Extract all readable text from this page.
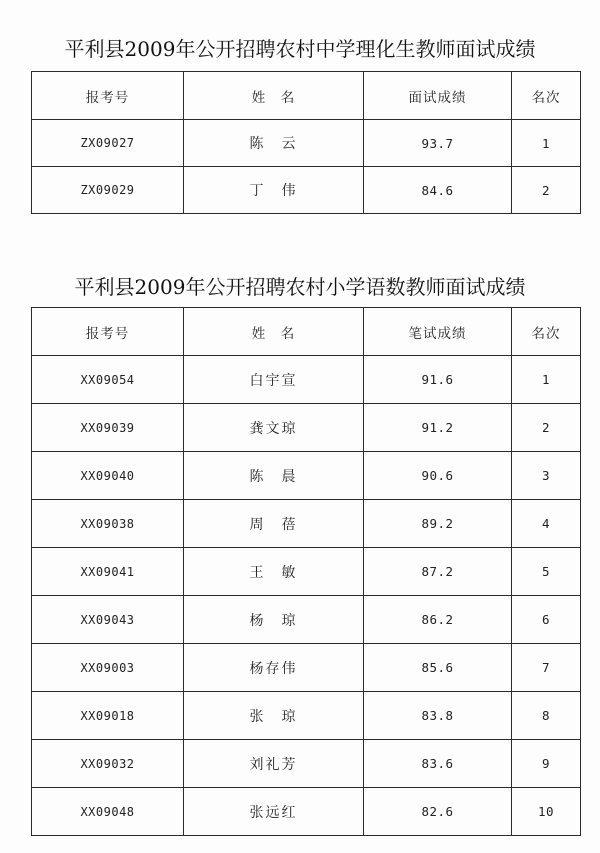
平利县2009年公开招聘农村中学理化生教师面试成绩
报考号	姓　名	面试成绩	名次
ZX09027	陈　云	93.7	1
ZX09029	丁　伟	84.6	2
平利县2009年公开招聘农村小学语数教师面试成绩
报考号	姓　名	笔试成绩	名次
XX09054	白宇宣	91.6	1
XX09039	龚文琼	91.2	2
XX09040	陈　晨	90.6	3
XX09038	周　蓓	89.2	4
XX09041	王　敏	87.2	5
XX09043	杨　琼	86.2	6
XX09003	杨存伟	85.6	7
XX09018	张　琼	83.8	8
XX09032	刘礼芳	83.6	9
XX09048	张远红	82.6	10
